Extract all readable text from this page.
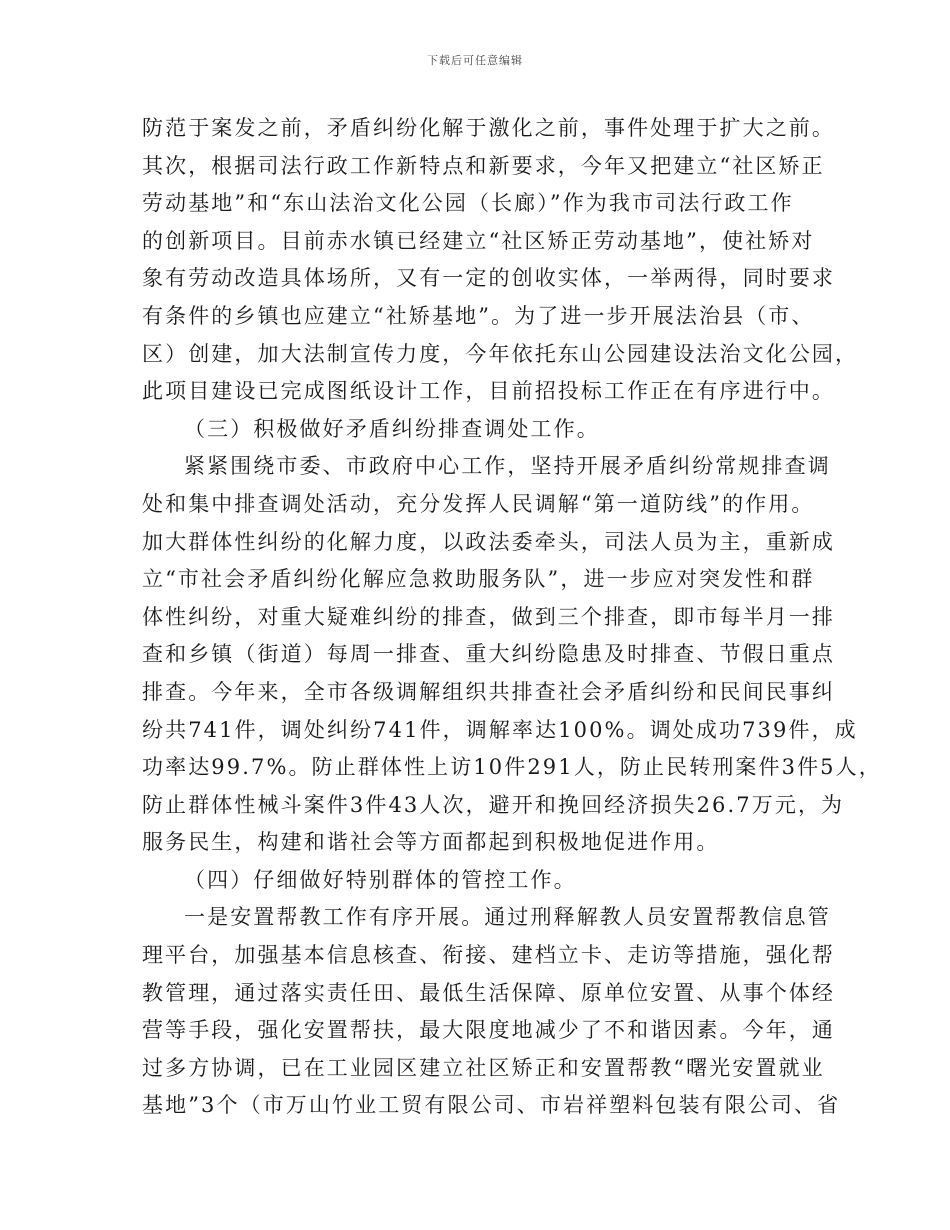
下载后可任意编辑
防范于案发之前，矛盾纠纷化解于激化之前，事件处理于扩大之前。
其次，根据司法行政工作新特点和新要求，今年又把建立“社区矫正
劳动基地”和“东山法治文化公园（长廊）”作为我市司法行政工作
的创新项目。目前赤水镇已经建立“社区矫正劳动基地”，使社矫对
象有劳动改造具体场所，又有一定的创收实体，一举两得，同时要求
有条件的乡镇也应建立“社矫基地”。为了进一步开展法治县（市、
区）创建，加大法制宣传力度，今年依托东山公园建设法治文化公园，
此项目建设已完成图纸设计工作，目前招投标工作正在有序进行中。
（三）积极做好矛盾纠纷排查调处工作。
紧紧围绕市委、市政府中心工作，坚持开展矛盾纠纷常规排查调
处和集中排查调处活动，充分发挥人民调解“第一道防线”的作用。
加大群体性纠纷的化解力度，以政法委牵头，司法人员为主，重新成
立“市社会矛盾纠纷化解应急救助服务队”，进一步应对突发性和群
体性纠纷，对重大疑难纠纷的排查，做到三个排查，即市每半月一排
查和乡镇（街道）每周一排查、重大纠纷隐患及时排查、节假日重点
排查。今年来，全市各级调解组织共排查社会矛盾纠纷和民间民事纠
纷共741件，调处纠纷741件，调解率达100%。调处成功739件，成
功率达99.7%。防止群体性上访10件291人，防止民转刑案件3件5人，
防止群体性械斗案件3件43人次，避开和挽回经济损失26.7万元，为
服务民生，构建和谐社会等方面都起到积极地促进作用。
（四）仔细做好特别群体的管控工作。
一是安置帮教工作有序开展。通过刑释解教人员安置帮教信息管
理平台，加强基本信息核查、衔接、建档立卡、走访等措施，强化帮
教管理，通过落实责任田、最低生活保障、原单位安置、从事个体经
营等手段，强化安置帮扶，最大限度地减少了不和谐因素。今年，通
过多方协调，已在工业园区建立社区矫正和安置帮教“曙光安置就业
基地”3个（市万山竹业工贸有限公司、市岩祥塑料包装有限公司、省
